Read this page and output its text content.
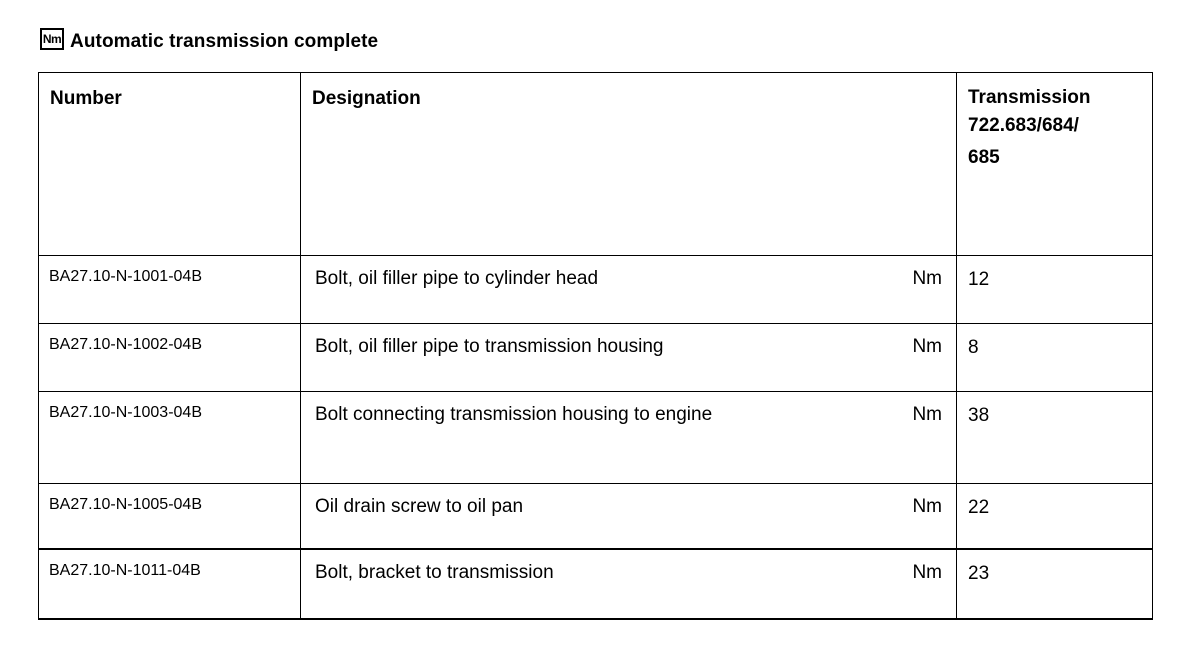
Nm Automatic transmission complete
Number	Designation	Transmission
722.683/684/
685

BA27.10-N-1001-04B	Bolt, oil filler pipe to cylinder head Nm	12

BA27.10-N-1002-04B	Bolt, oil filler pipe to transmission housing Nm	8

BA27.10-N-1003-04B	Bolt connecting transmission housing to engine Nm	38

BA27.10-N-1005-04B	Oil drain screw to oil pan Nm	22

BA27.10-N-1011-04B	Bolt, bracket to transmission Nm	23
